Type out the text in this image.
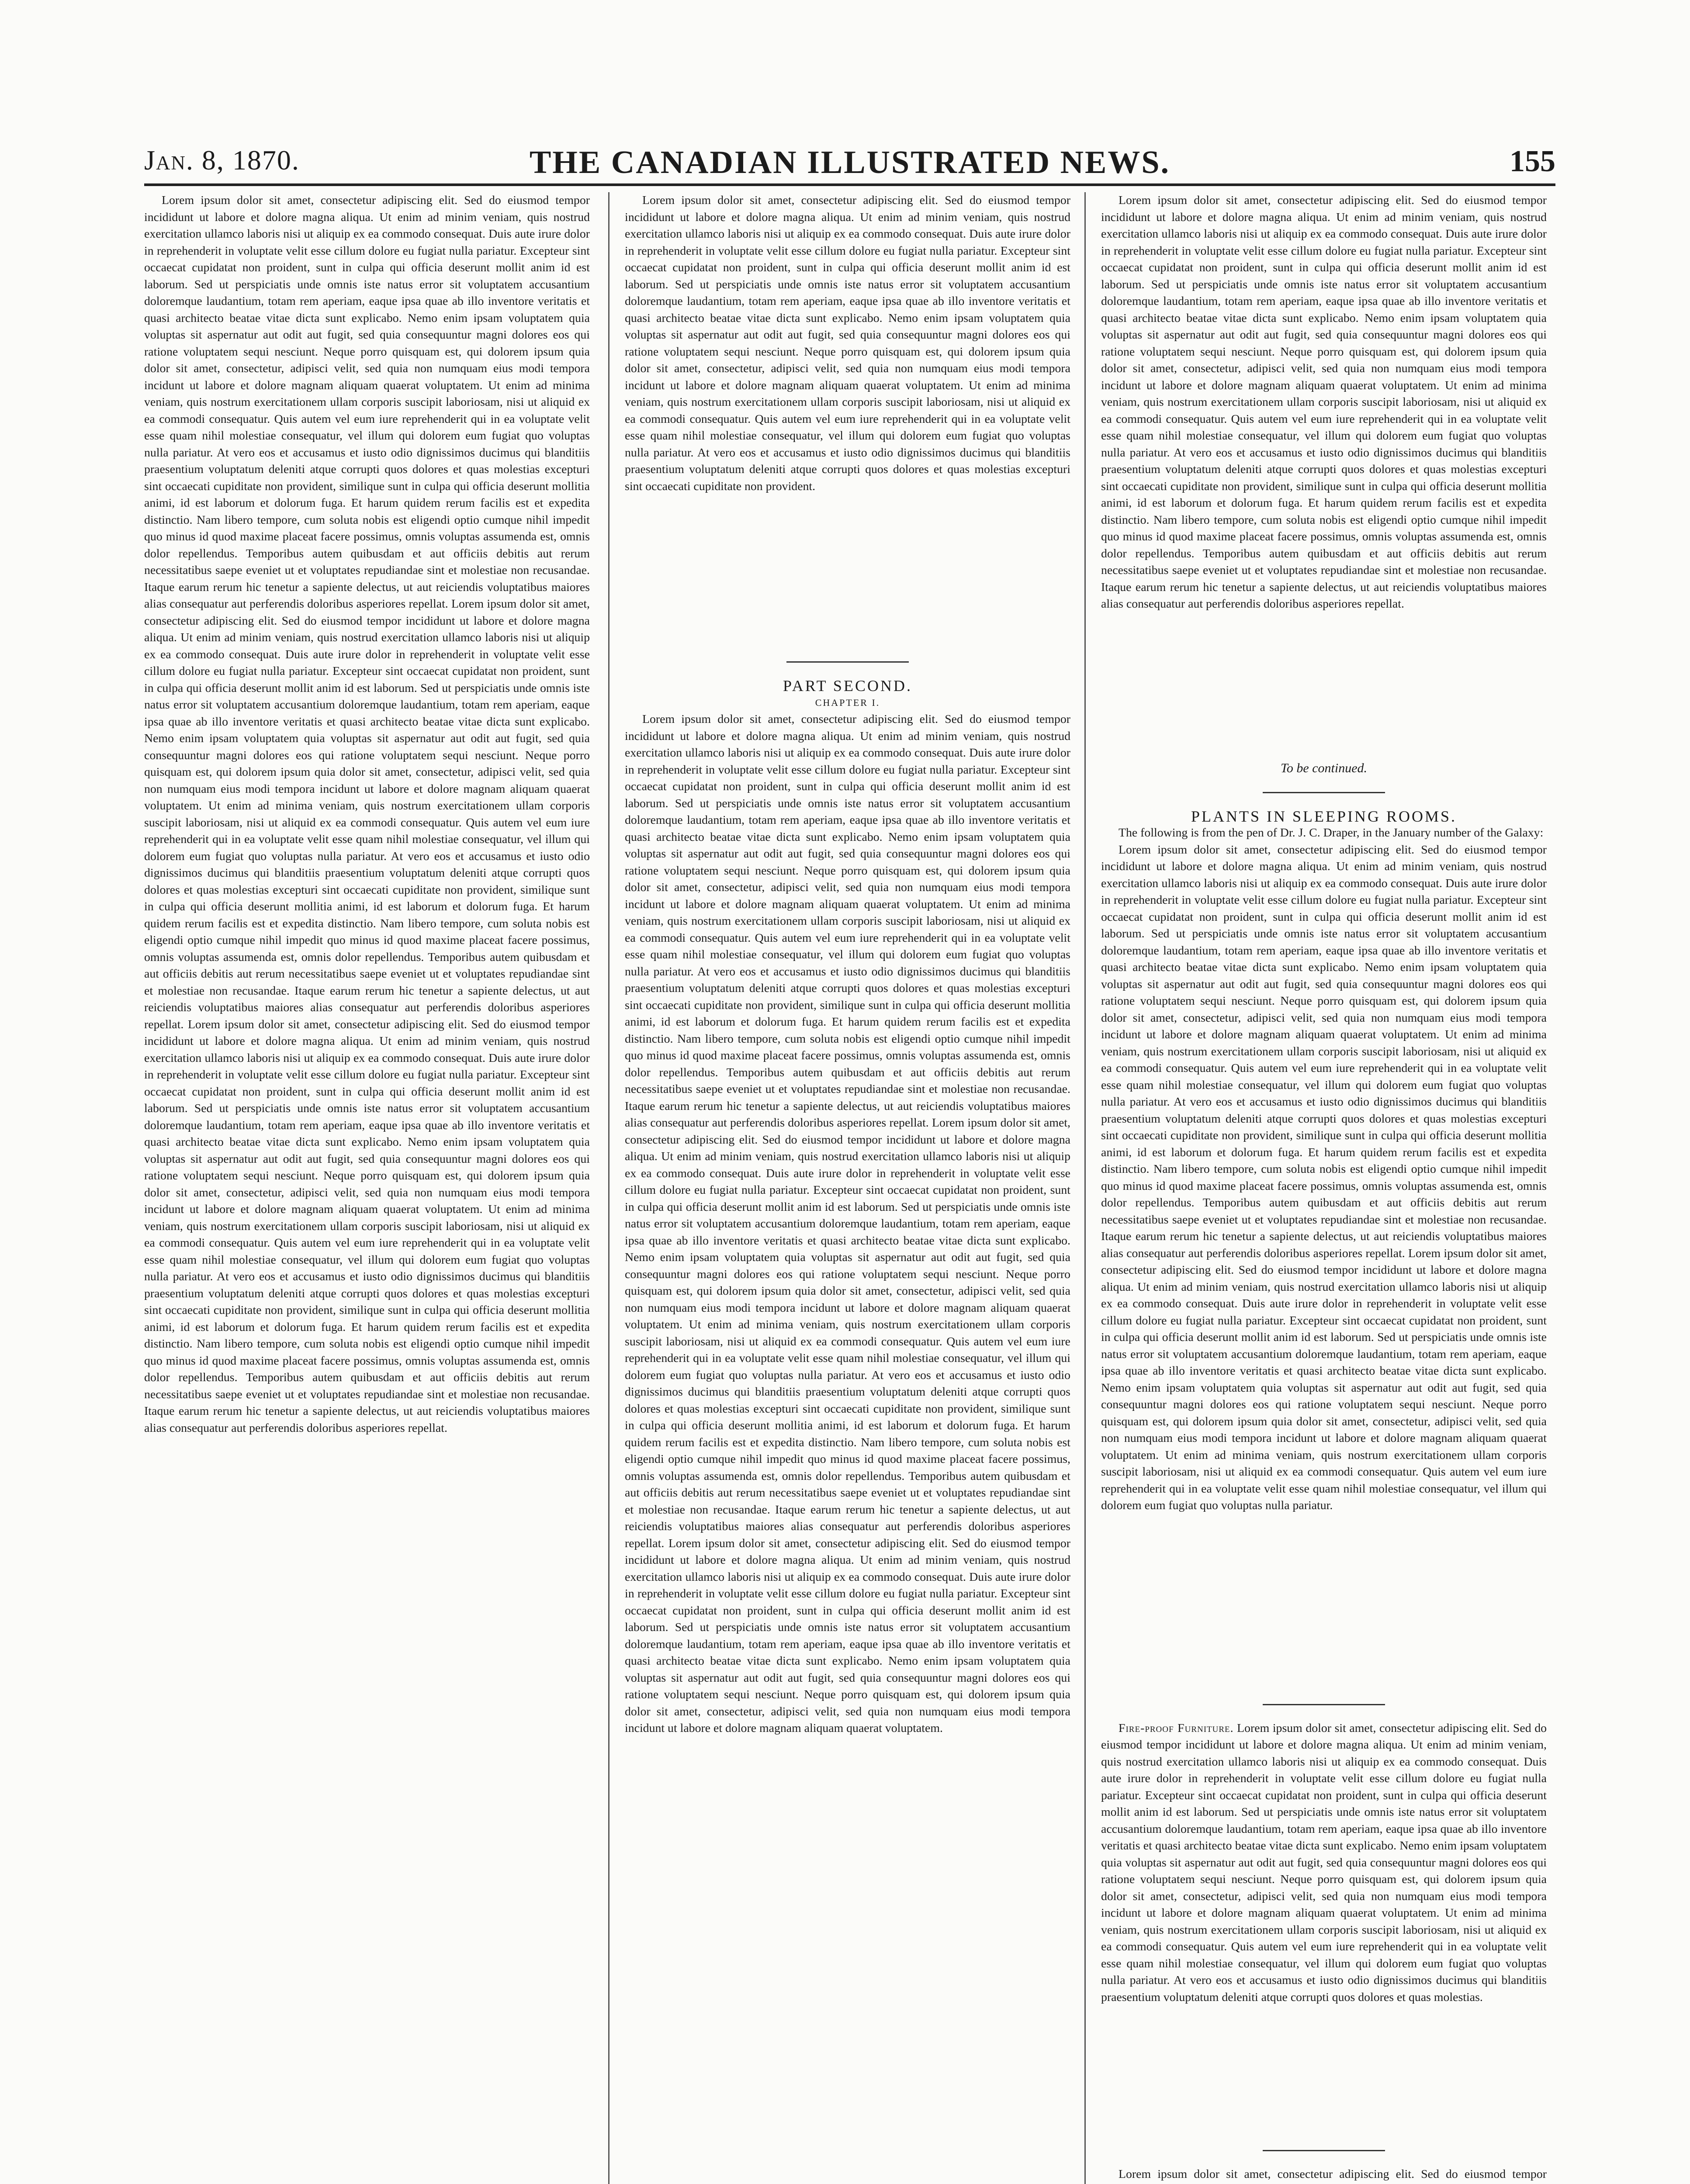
Jan. 8, 1870.	THE CANADIAN ILLUSTRATED NEWS.	155

Lorem ipsum dolor sit amet, consectetur adipiscing elit. Sed do eiusmod tempor incididunt ut labore et dolore magna aliqua. Ut enim ad minim veniam, quis nostrud exercitation ullamco laboris nisi ut aliquip ex ea commodo consequat. Duis aute irure dolor in reprehenderit in voluptate velit esse cillum dolore eu fugiat nulla pariatur. Excepteur sint occaecat cupidatat non proident, sunt in culpa qui officia deserunt mollit anim id est laborum. Sed ut perspiciatis unde omnis iste natus error sit voluptatem accusantium doloremque laudantium, totam rem aperiam, eaque ipsa quae ab illo inventore veritatis et quasi architecto beatae vitae dicta sunt explicabo. Nemo enim ipsam voluptatem quia voluptas sit aspernatur aut odit aut fugit, sed quia consequuntur magni dolores eos qui ratione voluptatem sequi nesciunt. Neque porro quisquam est, qui dolorem ipsum quia dolor sit amet, consectetur, adipisci velit, sed quia non numquam eius modi tempora incidunt ut labore et dolore magnam aliquam quaerat voluptatem. Ut enim ad minima veniam, quis nostrum exercitationem ullam corporis suscipit laboriosam, nisi ut aliquid ex ea commodi consequatur. Quis autem vel eum iure reprehenderit qui in ea voluptate velit esse quam nihil molestiae consequatur, vel illum qui dolorem eum fugiat quo voluptas nulla pariatur. At vero eos et accusamus et iusto odio dignissimos ducimus qui blanditiis praesentium voluptatum deleniti atque corrupti quos dolores et quas molestias excepturi sint occaecati cupiditate non provident, similique sunt in culpa qui officia deserunt mollitia animi, id est laborum et dolorum fuga. Et harum quidem rerum facilis est et expedita distinctio. Nam libero tempore, cum soluta nobis est eligendi optio cumque nihil impedit quo minus id quod maxime placeat facere possimus, omnis voluptas assumenda est, omnis dolor repellendus. Temporibus autem quibusdam et aut officiis debitis aut rerum necessitatibus saepe eveniet ut et voluptates repudiandae sint et molestiae non recusandae. Itaque earum rerum hic tenetur a sapiente delectus, ut aut reiciendis voluptatibus maiores alias consequatur aut perferendis doloribus asperiores repellat. Lorem ipsum dolor sit amet, consectetur adipiscing elit. Sed do eiusmod tempor incididunt ut labore et dolore magna aliqua. Ut enim ad minim veniam, quis nostrud exercitation ullamco laboris nisi ut aliquip ex ea commodo consequat. Duis aute irure dolor in reprehenderit in voluptate velit esse cillum dolore eu fugiat nulla pariatur. Excepteur sint occaecat cupidatat non proident, sunt in culpa qui officia deserunt mollit anim id est laborum. Sed ut perspiciatis unde omnis iste natus error sit voluptatem accusantium doloremque laudantium, totam rem aperiam, eaque ipsa quae ab illo inventore veritatis et quasi architecto beatae vitae dicta sunt explicabo. Nemo enim ipsam voluptatem quia voluptas sit aspernatur aut odit aut fugit, sed quia consequuntur magni dolores eos qui ratione voluptatem sequi nesciunt. Neque porro quisquam est, qui dolorem ipsum quia dolor sit amet, consectetur, adipisci velit, sed quia non numquam eius modi tempora incidunt ut labore et dolore magnam aliquam quaerat voluptatem. Ut enim ad minima veniam, quis nostrum exercitationem ullam corporis suscipit laboriosam, nisi ut aliquid ex ea commodi consequatur. Quis autem vel eum iure reprehenderit qui in ea voluptate velit esse quam nihil molestiae consequatur, vel illum qui dolorem eum fugiat quo voluptas nulla pariatur. At vero eos et accusamus et iusto odio dignissimos ducimus qui blanditiis praesentium voluptatum deleniti atque corrupti quos dolores et quas molestias excepturi sint occaecati cupiditate non provident, similique sunt in culpa qui officia deserunt mollitia animi, id est laborum et dolorum fuga. Et harum quidem rerum facilis est et expedita distinctio. Nam libero tempore, cum soluta nobis est eligendi optio cumque nihil impedit quo minus id quod maxime placeat facere possimus, omnis voluptas assumenda est, omnis dolor repellendus. Temporibus autem quibusdam et aut officiis debitis aut rerum necessitatibus saepe eveniet ut et voluptates repudiandae sint et molestiae non recusandae. Itaque earum rerum hic tenetur a sapiente delectus, ut aut reiciendis voluptatibus maiores alias consequatur aut perferendis doloribus asperiores repellat. Lorem ipsum dolor sit amet, consectetur adipiscing elit. Sed do eiusmod tempor incididunt ut labore et dolore magna aliqua. Ut enim ad minim veniam, quis nostrud exercitation ullamco laboris nisi ut aliquip ex ea commodo consequat. Duis aute irure dolor in reprehenderit in voluptate velit esse cillum dolore eu fugiat nulla pariatur. Excepteur sint occaecat cupidatat non proident, sunt in culpa qui officia deserunt mollit anim id est laborum. Sed ut perspiciatis unde omnis iste natus error sit voluptatem accusantium doloremque laudantium, totam rem aperiam, eaque ipsa quae ab illo inventore veritatis et quasi architecto beatae vitae dicta sunt explicabo. Nemo enim ipsam voluptatem quia voluptas sit aspernatur aut odit aut fugit, sed quia consequuntur magni dolores eos qui ratione voluptatem sequi nesciunt. Neque porro quisquam est, qui dolorem ipsum quia dolor sit amet, consectetur, adipisci velit, sed quia non numquam eius modi tempora incidunt ut labore et dolore magnam aliquam quaerat voluptatem. Ut enim ad minima veniam, quis nostrum exercitationem ullam corporis suscipit laboriosam, nisi ut aliquid ex ea commodi consequatur. Quis autem vel eum iure reprehenderit qui in ea voluptate velit esse quam nihil molestiae consequatur, vel illum qui dolorem eum fugiat quo voluptas nulla pariatur. At vero eos et accusamus et iusto odio dignissimos ducimus qui blanditiis praesentium voluptatum deleniti atque corrupti quos dolores et quas molestias excepturi sint occaecati cupiditate non provident, similique sunt in culpa qui officia deserunt mollitia animi, id est laborum et dolorum fuga. Et harum quidem rerum facilis est et expedita distinctio. Nam libero tempore, cum soluta nobis est eligendi optio cumque nihil impedit quo minus id quod maxime placeat facere possimus, omnis voluptas assumenda est, omnis dolor repellendus. Temporibus autem quibusdam et aut officiis debitis aut rerum necessitatibus saepe eveniet ut et voluptates repudiandae sint et molestiae non recusandae. Itaque earum rerum hic tenetur a sapiente delectus, ut aut reiciendis voluptatibus maiores alias consequatur aut perferendis doloribus asperiores repellat.

Lorem ipsum dolor sit amet, consectetur adipiscing elit. Sed do eiusmod tempor incididunt ut labore et dolore magna aliqua. Ut enim ad minim veniam, quis nostrud exercitation ullamco laboris nisi ut aliquip ex ea commodo consequat. Duis aute irure dolor in reprehenderit in voluptate velit esse cillum dolore eu fugiat nulla pariatur. Excepteur sint occaecat cupidatat non proident, sunt in culpa qui officia deserunt mollit anim id est laborum. Sed ut perspiciatis unde omnis iste natus error sit voluptatem accusantium doloremque laudantium, totam rem aperiam, eaque ipsa quae ab illo inventore veritatis et quasi architecto beatae vitae dicta sunt explicabo. Nemo enim ipsam voluptatem quia voluptas sit aspernatur aut odit aut fugit, sed quia consequuntur magni dolores eos qui ratione voluptatem sequi nesciunt. Neque porro quisquam est, qui dolorem ipsum quia dolor sit amet, consectetur, adipisci velit, sed quia non numquam eius modi tempora incidunt ut labore et dolore magnam aliquam quaerat voluptatem. Ut enim ad minima veniam, quis nostrum exercitationem ullam corporis suscipit laboriosam, nisi ut aliquid ex ea commodi consequatur. Quis autem vel eum iure reprehenderit qui in ea voluptate velit esse quam nihil molestiae consequatur, vel illum qui dolorem eum fugiat quo voluptas nulla pariatur. At vero eos et accusamus et iusto odio dignissimos ducimus qui blanditiis praesentium voluptatum deleniti atque corrupti quos dolores et quas molestias excepturi sint occaecati cupiditate non provident.

PART SECOND.

CHAPTER I.

Lorem ipsum dolor sit amet, consectetur adipiscing elit. Sed do eiusmod tempor incididunt ut labore et dolore magna aliqua. Ut enim ad minim veniam, quis nostrud exercitation ullamco laboris nisi ut aliquip ex ea commodo consequat. Duis aute irure dolor in reprehenderit in voluptate velit esse cillum dolore eu fugiat nulla pariatur. Excepteur sint occaecat cupidatat non proident, sunt in culpa qui officia deserunt mollit anim id est laborum. Sed ut perspiciatis unde omnis iste natus error sit voluptatem accusantium doloremque laudantium, totam rem aperiam, eaque ipsa quae ab illo inventore veritatis et quasi architecto beatae vitae dicta sunt explicabo. Nemo enim ipsam voluptatem quia voluptas sit aspernatur aut odit aut fugit, sed quia consequuntur magni dolores eos qui ratione voluptatem sequi nesciunt. Neque porro quisquam est, qui dolorem ipsum quia dolor sit amet, consectetur, adipisci velit, sed quia non numquam eius modi tempora incidunt ut labore et dolore magnam aliquam quaerat voluptatem. Ut enim ad minima veniam, quis nostrum exercitationem ullam corporis suscipit laboriosam, nisi ut aliquid ex ea commodi consequatur. Quis autem vel eum iure reprehenderit qui in ea voluptate velit esse quam nihil molestiae consequatur, vel illum qui dolorem eum fugiat quo voluptas nulla pariatur. At vero eos et accusamus et iusto odio dignissimos ducimus qui blanditiis praesentium voluptatum deleniti atque corrupti quos dolores et quas molestias excepturi sint occaecati cupiditate non provident, similique sunt in culpa qui officia deserunt mollitia animi, id est laborum et dolorum fuga. Et harum quidem rerum facilis est et expedita distinctio. Nam libero tempore, cum soluta nobis est eligendi optio cumque nihil impedit quo minus id quod maxime placeat facere possimus, omnis voluptas assumenda est, omnis dolor repellendus. Temporibus autem quibusdam et aut officiis debitis aut rerum necessitatibus saepe eveniet ut et voluptates repudiandae sint et molestiae non recusandae. Itaque earum rerum hic tenetur a sapiente delectus, ut aut reiciendis voluptatibus maiores alias consequatur aut perferendis doloribus asperiores repellat. Lorem ipsum dolor sit amet, consectetur adipiscing elit. Sed do eiusmod tempor incididunt ut labore et dolore magna aliqua. Ut enim ad minim veniam, quis nostrud exercitation ullamco laboris nisi ut aliquip ex ea commodo consequat. Duis aute irure dolor in reprehenderit in voluptate velit esse cillum dolore eu fugiat nulla pariatur. Excepteur sint occaecat cupidatat non proident, sunt in culpa qui officia deserunt mollit anim id est laborum. Sed ut perspiciatis unde omnis iste natus error sit voluptatem accusantium doloremque laudantium, totam rem aperiam, eaque ipsa quae ab illo inventore veritatis et quasi architecto beatae vitae dicta sunt explicabo. Nemo enim ipsam voluptatem quia voluptas sit aspernatur aut odit aut fugit, sed quia consequuntur magni dolores eos qui ratione voluptatem sequi nesciunt. Neque porro quisquam est, qui dolorem ipsum quia dolor sit amet, consectetur, adipisci velit, sed quia non numquam eius modi tempora incidunt ut labore et dolore magnam aliquam quaerat voluptatem. Ut enim ad minima veniam, quis nostrum exercitationem ullam corporis suscipit laboriosam, nisi ut aliquid ex ea commodi consequatur. Quis autem vel eum iure reprehenderit qui in ea voluptate velit esse quam nihil molestiae consequatur, vel illum qui dolorem eum fugiat quo voluptas nulla pariatur. At vero eos et accusamus et iusto odio dignissimos ducimus qui blanditiis praesentium voluptatum deleniti atque corrupti quos dolores et quas molestias excepturi sint occaecati cupiditate non provident, similique sunt in culpa qui officia deserunt mollitia animi, id est laborum et dolorum fuga. Et harum quidem rerum facilis est et expedita distinctio. Nam libero tempore, cum soluta nobis est eligendi optio cumque nihil impedit quo minus id quod maxime placeat facere possimus, omnis voluptas assumenda est, omnis dolor repellendus. Temporibus autem quibusdam et aut officiis debitis aut rerum necessitatibus saepe eveniet ut et voluptates repudiandae sint et molestiae non recusandae. Itaque earum rerum hic tenetur a sapiente delectus, ut aut reiciendis voluptatibus maiores alias consequatur aut perferendis doloribus asperiores repellat. Lorem ipsum dolor sit amet, consectetur adipiscing elit. Sed do eiusmod tempor incididunt ut labore et dolore magna aliqua. Ut enim ad minim veniam, quis nostrud exercitation ullamco laboris nisi ut aliquip ex ea commodo consequat. Duis aute irure dolor in reprehenderit in voluptate velit esse cillum dolore eu fugiat nulla pariatur. Excepteur sint occaecat cupidatat non proident, sunt in culpa qui officia deserunt mollit anim id est laborum. Sed ut perspiciatis unde omnis iste natus error sit voluptatem accusantium doloremque laudantium, totam rem aperiam, eaque ipsa quae ab illo inventore veritatis et quasi architecto beatae vitae dicta sunt explicabo. Nemo enim ipsam voluptatem quia voluptas sit aspernatur aut odit aut fugit, sed quia consequuntur magni dolores eos qui ratione voluptatem sequi nesciunt. Neque porro quisquam est, qui dolorem ipsum quia dolor sit amet, consectetur, adipisci velit, sed quia non numquam eius modi tempora incidunt ut labore et dolore magnam aliquam quaerat voluptatem.

Lorem ipsum dolor sit amet, consectetur adipiscing elit. Sed do eiusmod tempor incididunt ut labore et dolore magna aliqua. Ut enim ad minim veniam, quis nostrud exercitation ullamco laboris nisi ut aliquip ex ea commodo consequat. Duis aute irure dolor in reprehenderit in voluptate velit esse cillum dolore eu fugiat nulla pariatur. Excepteur sint occaecat cupidatat non proident, sunt in culpa qui officia deserunt mollit anim id est laborum. Sed ut perspiciatis unde omnis iste natus error sit voluptatem accusantium doloremque laudantium, totam rem aperiam, eaque ipsa quae ab illo inventore veritatis et quasi architecto beatae vitae dicta sunt explicabo. Nemo enim ipsam voluptatem quia voluptas sit aspernatur aut odit aut fugit, sed quia consequuntur magni dolores eos qui ratione voluptatem sequi nesciunt. Neque porro quisquam est, qui dolorem ipsum quia dolor sit amet, consectetur, adipisci velit, sed quia non numquam eius modi tempora incidunt ut labore et dolore magnam aliquam quaerat voluptatem. Ut enim ad minima veniam, quis nostrum exercitationem ullam corporis suscipit laboriosam, nisi ut aliquid ex ea commodi consequatur. Quis autem vel eum iure reprehenderit qui in ea voluptate velit esse quam nihil molestiae consequatur, vel illum qui dolorem eum fugiat quo voluptas nulla pariatur. At vero eos et accusamus et iusto odio dignissimos ducimus qui blanditiis praesentium voluptatum deleniti atque corrupti quos dolores et quas molestias excepturi sint occaecati cupiditate non provident, similique sunt in culpa qui officia deserunt mollitia animi, id est laborum et dolorum fuga. Et harum quidem rerum facilis est et expedita distinctio. Nam libero tempore, cum soluta nobis est eligendi optio cumque nihil impedit quo minus id quod maxime placeat facere possimus, omnis voluptas assumenda est, omnis dolor repellendus. Temporibus autem quibusdam et aut officiis debitis aut rerum necessitatibus saepe eveniet ut et voluptates repudiandae sint et molestiae non recusandae. Itaque earum rerum hic tenetur a sapiente delectus, ut aut reiciendis voluptatibus maiores alias consequatur aut perferendis doloribus asperiores repellat.

To be continued.

PLANTS IN SLEEPING ROOMS.

The following is from the pen of Dr. J. C. Draper, in the January number of the Galaxy:

Lorem ipsum dolor sit amet, consectetur adipiscing elit. Sed do eiusmod tempor incididunt ut labore et dolore magna aliqua. Ut enim ad minim veniam, quis nostrud exercitation ullamco laboris nisi ut aliquip ex ea commodo consequat. Duis aute irure dolor in reprehenderit in voluptate velit esse cillum dolore eu fugiat nulla pariatur. Excepteur sint occaecat cupidatat non proident, sunt in culpa qui officia deserunt mollit anim id est laborum. Sed ut perspiciatis unde omnis iste natus error sit voluptatem accusantium doloremque laudantium, totam rem aperiam, eaque ipsa quae ab illo inventore veritatis et quasi architecto beatae vitae dicta sunt explicabo. Nemo enim ipsam voluptatem quia voluptas sit aspernatur aut odit aut fugit, sed quia consequuntur magni dolores eos qui ratione voluptatem sequi nesciunt. Neque porro quisquam est, qui dolorem ipsum quia dolor sit amet, consectetur, adipisci velit, sed quia non numquam eius modi tempora incidunt ut labore et dolore magnam aliquam quaerat voluptatem. Ut enim ad minima veniam, quis nostrum exercitationem ullam corporis suscipit laboriosam, nisi ut aliquid ex ea commodi consequatur. Quis autem vel eum iure reprehenderit qui in ea voluptate velit esse quam nihil molestiae consequatur, vel illum qui dolorem eum fugiat quo voluptas nulla pariatur. At vero eos et accusamus et iusto odio dignissimos ducimus qui blanditiis praesentium voluptatum deleniti atque corrupti quos dolores et quas molestias excepturi sint occaecati cupiditate non provident, similique sunt in culpa qui officia deserunt mollitia animi, id est laborum et dolorum fuga. Et harum quidem rerum facilis est et expedita distinctio. Nam libero tempore, cum soluta nobis est eligendi optio cumque nihil impedit quo minus id quod maxime placeat facere possimus, omnis voluptas assumenda est, omnis dolor repellendus. Temporibus autem quibusdam et aut officiis debitis aut rerum necessitatibus saepe eveniet ut et voluptates repudiandae sint et molestiae non recusandae. Itaque earum rerum hic tenetur a sapiente delectus, ut aut reiciendis voluptatibus maiores alias consequatur aut perferendis doloribus asperiores repellat. Lorem ipsum dolor sit amet, consectetur adipiscing elit. Sed do eiusmod tempor incididunt ut labore et dolore magna aliqua. Ut enim ad minim veniam, quis nostrud exercitation ullamco laboris nisi ut aliquip ex ea commodo consequat. Duis aute irure dolor in reprehenderit in voluptate velit esse cillum dolore eu fugiat nulla pariatur. Excepteur sint occaecat cupidatat non proident, sunt in culpa qui officia deserunt mollit anim id est laborum. Sed ut perspiciatis unde omnis iste natus error sit voluptatem accusantium doloremque laudantium, totam rem aperiam, eaque ipsa quae ab illo inventore veritatis et quasi architecto beatae vitae dicta sunt explicabo. Nemo enim ipsam voluptatem quia voluptas sit aspernatur aut odit aut fugit, sed quia consequuntur magni dolores eos qui ratione voluptatem sequi nesciunt. Neque porro quisquam est, qui dolorem ipsum quia dolor sit amet, consectetur, adipisci velit, sed quia non numquam eius modi tempora incidunt ut labore et dolore magnam aliquam quaerat voluptatem. Ut enim ad minima veniam, quis nostrum exercitationem ullam corporis suscipit laboriosam, nisi ut aliquid ex ea commodi consequatur. Quis autem vel eum iure reprehenderit qui in ea voluptate velit esse quam nihil molestiae consequatur, vel illum qui dolorem eum fugiat quo voluptas nulla pariatur.

Fire-proof Furniture. Lorem ipsum dolor sit amet, consectetur adipiscing elit. Sed do eiusmod tempor incididunt ut labore et dolore magna aliqua. Ut enim ad minim veniam, quis nostrud exercitation ullamco laboris nisi ut aliquip ex ea commodo consequat. Duis aute irure dolor in reprehenderit in voluptate velit esse cillum dolore eu fugiat nulla pariatur. Excepteur sint occaecat cupidatat non proident, sunt in culpa qui officia deserunt mollit anim id est laborum. Sed ut perspiciatis unde omnis iste natus error sit voluptatem accusantium doloremque laudantium, totam rem aperiam, eaque ipsa quae ab illo inventore veritatis et quasi architecto beatae vitae dicta sunt explicabo. Nemo enim ipsam voluptatem quia voluptas sit aspernatur aut odit aut fugit, sed quia consequuntur magni dolores eos qui ratione voluptatem sequi nesciunt. Neque porro quisquam est, qui dolorem ipsum quia dolor sit amet, consectetur, adipisci velit, sed quia non numquam eius modi tempora incidunt ut labore et dolore magnam aliquam quaerat voluptatem. Ut enim ad minima veniam, quis nostrum exercitationem ullam corporis suscipit laboriosam, nisi ut aliquid ex ea commodi consequatur. Quis autem vel eum iure reprehenderit qui in ea voluptate velit esse quam nihil molestiae consequatur, vel illum qui dolorem eum fugiat quo voluptas nulla pariatur. At vero eos et accusamus et iusto odio dignissimos ducimus qui blanditiis praesentium voluptatum deleniti atque corrupti quos dolores et quas molestias.

Lorem ipsum dolor sit amet, consectetur adipiscing elit. Sed do eiusmod tempor
